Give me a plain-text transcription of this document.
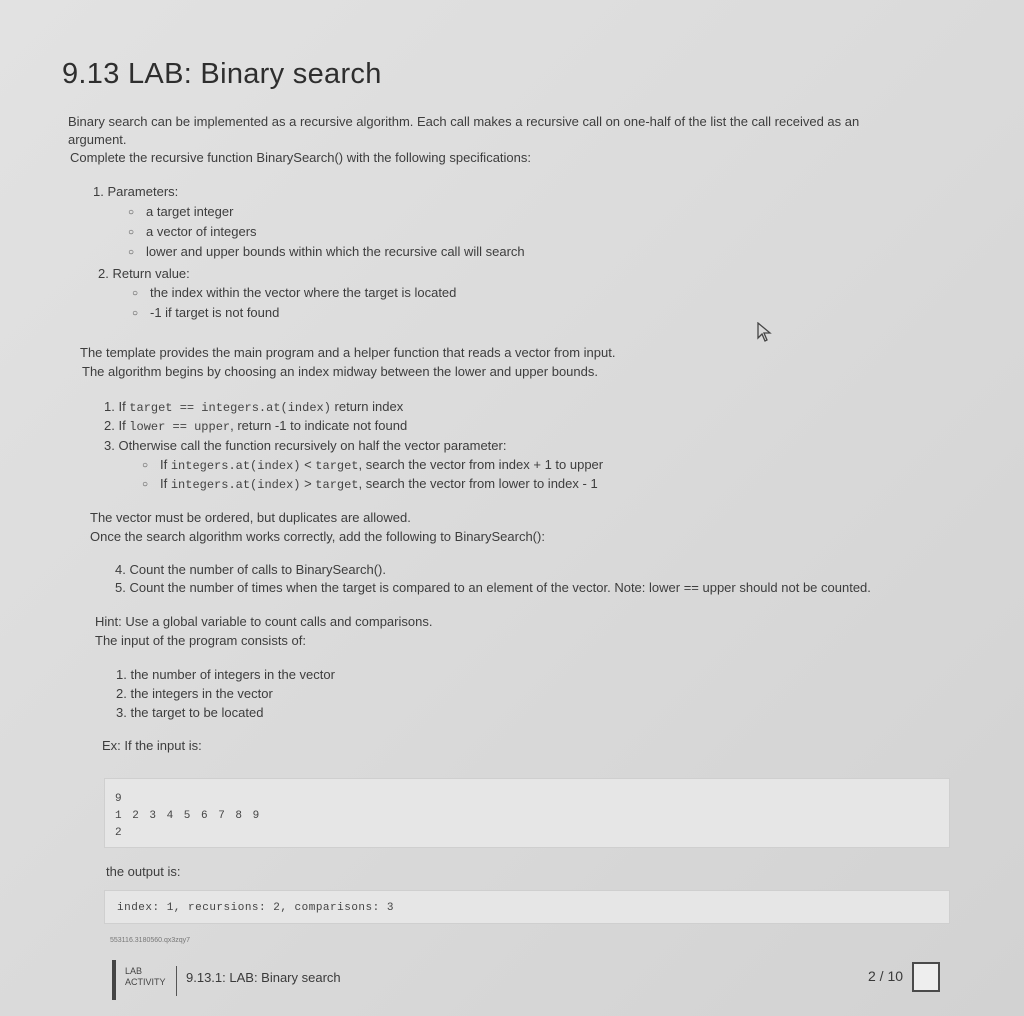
9.13 LAB: Binary search
Binary search can be implemented as a recursive algorithm. Each call makes a recursive call on one-half of the list the call received as an
argument.
Complete the recursive function BinarySearch() with the following specifications:
1. Parameters:
○ a target integer
○ a vector of integers
○ lower and upper bounds within which the recursive call will search
2. Return value:
○ the index within the vector where the target is located
○ -1 if target is not found
The template provides the main program and a helper function that reads a vector from input.
The algorithm begins by choosing an index midway between the lower and upper bounds.
1. If target == integers.at(index) return index
2. If lower == upper, return -1 to indicate not found
3. Otherwise call the function recursively on half the vector parameter:
○ If integers.at(index) < target, search the vector from index + 1 to upper
○ If integers.at(index) > target, search the vector from lower to index - 1
The vector must be ordered, but duplicates are allowed.
Once the search algorithm works correctly, add the following to BinarySearch():
4. Count the number of calls to BinarySearch().
5. Count the number of times when the target is compared to an element of the vector. Note: lower == upper should not be counted.
Hint: Use a global variable to count calls and comparisons.
The input of the program consists of:
1. the number of integers in the vector
2. the integers in the vector
3. the target to be located
Ex: If the input is:
9
1 2 3 4 5 6 7 8 9
2
the output is:
index: 1, recursions: 2, comparisons: 3
553116.3180560.qx3zqy7
LAB
ACTIVITY 9.13.1: LAB: Binary search	2 / 10
